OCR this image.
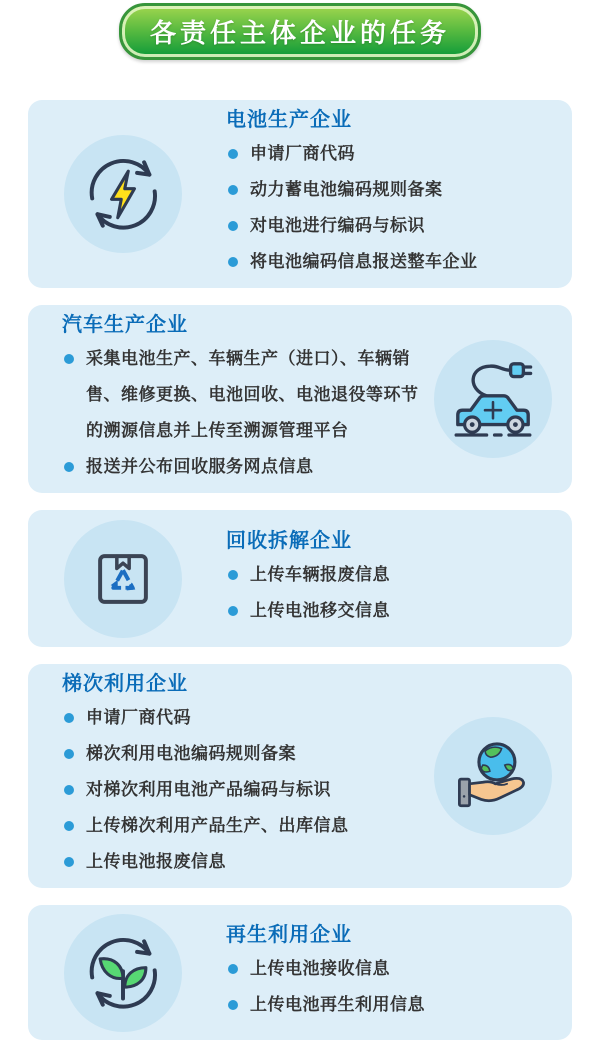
各责任主体企业的任务
电池生产企业
申请厂商代码
动力蓄电池编码规则备案
对电池进行编码与标识
将电池编码信息报送整车企业
汽车生产企业
采集电池生产、车辆生产（进口）、车辆销售、维修更换、电池回收、电池退役等环节的溯源信息并上传至溯源管理平台
报送并公布回收服务网点信息
回收拆解企业
上传车辆报废信息
上传电池移交信息
梯次利用企业
申请厂商代码
梯次利用电池编码规则备案
对梯次利用电池产品编码与标识
上传梯次利用产品生产、出库信息
上传电池报废信息
再生利用企业
上传电池接收信息
上传电池再生利用信息
